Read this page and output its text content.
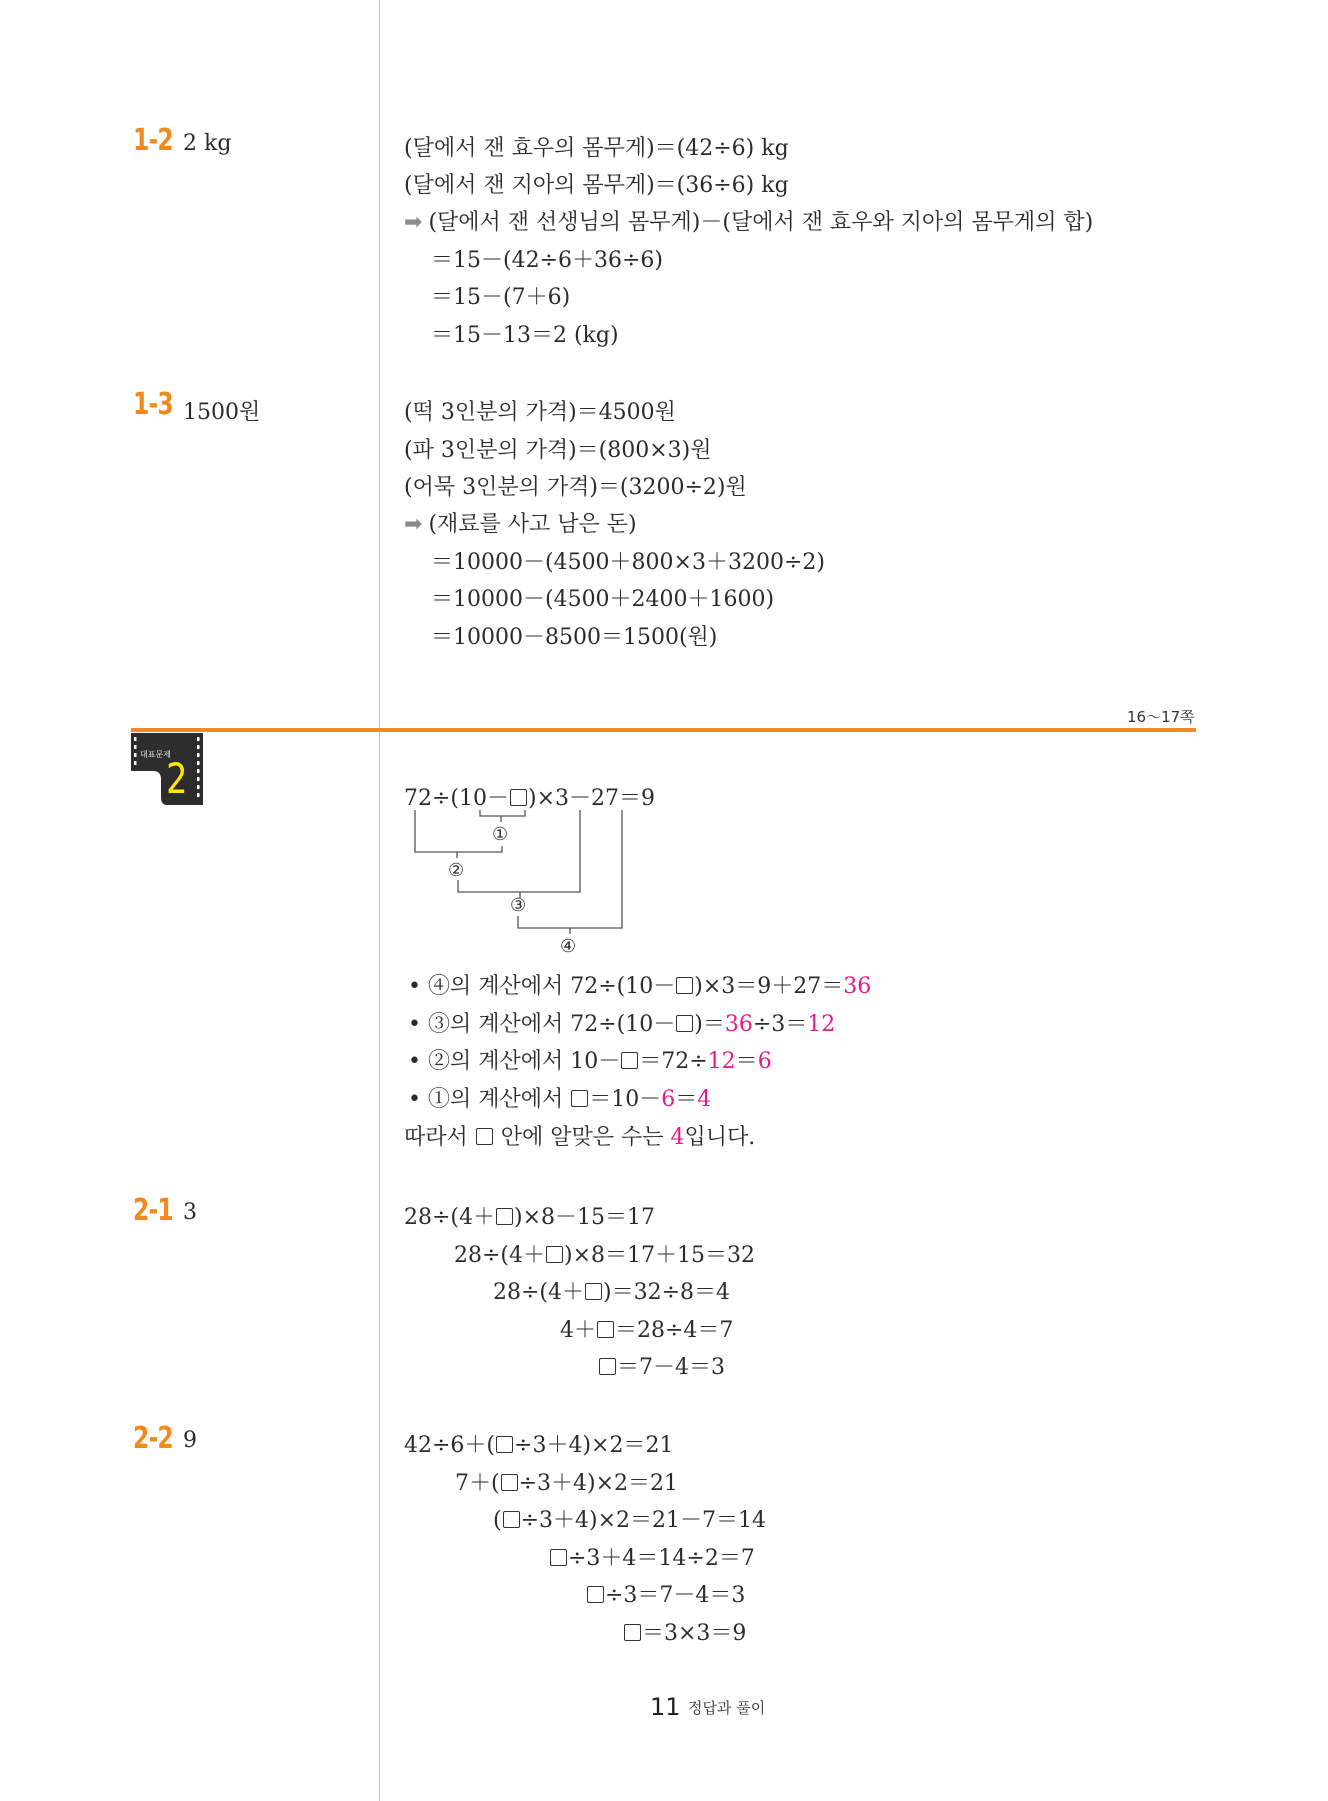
1-2 2 kg	(달에서 잰 효우의 몸무게)＝(42÷6) kg
(달에서 잰 지아의 몸무게)＝(36÷6) kg
➡ (달에서 잰 선생님의 몸무게)－(달에서 잰 효우와 지아의 몸무게의 합)
＝15－(42÷6＋36÷6)
＝15－(7＋6)
＝15－13＝2 (kg)
1-3 1500원	(떡 3인분의 가격)＝4500원
(파 3인분의 가격)＝(800×3)원
(어묵 3인분의 가격)＝(3200÷2)원
➡ (재료를 사고 남은 돈)
＝10000－(4500＋800×3＋3200÷2)
＝10000－(4500＋2400＋1600)
＝10000－8500＝1500(원)
16～17쪽
대표문제
2	72÷(10－ )×3－27＝9
①
②
③
④
• ④의 계산에서 72÷(10－ )×3＝9＋27＝36
• ③의 계산에서 72÷(10－ )＝36÷3＝12
• ②의 계산에서 10－ ＝72÷12＝6
• ①의 계산에서 ＝10－6＝4
따라서  안에 알맞은 수는 4입니다.
2-1 3	28÷(4＋ )×8－15＝17
28÷(4＋ )×8＝17＋15＝32
28÷(4＋ )＝32÷8＝4
4＋ ＝28÷4＝7
＝7－4＝3
2-2 9	42÷6＋( ÷3＋4)×2＝21
7＋( ÷3＋4)×2＝21
( ÷3＋4)×2＝21－7＝14
÷3＋4＝14÷2＝7
÷3＝7－4＝3
＝3×3＝9
11 정답과 풀이
